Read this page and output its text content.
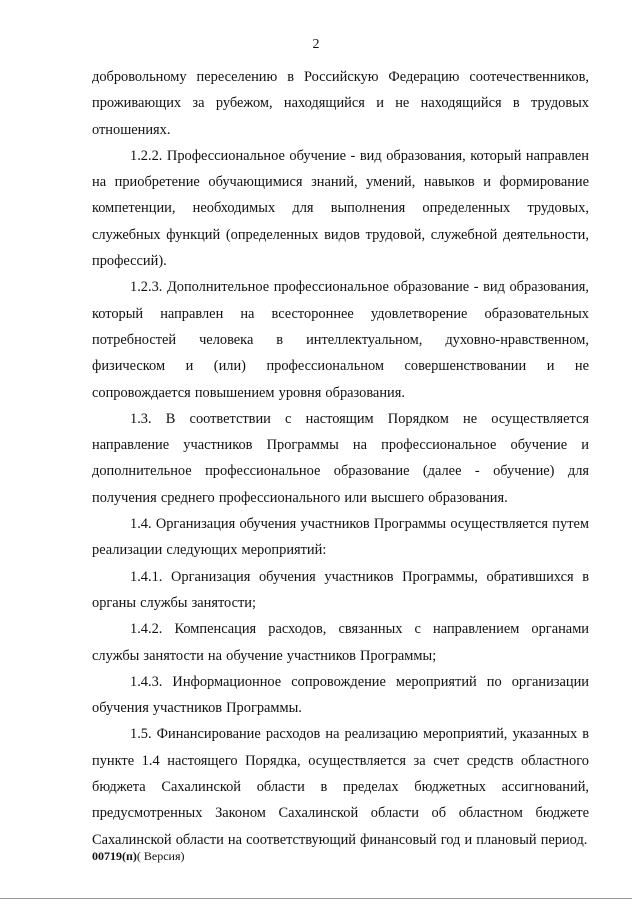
2

добровольному переселению в Российскую Федерацию соотечественников, проживающих за рубежом, находящийся и не находящийся в трудовых отношениях.

1.2.2. Профессиональное обучение - вид образования, который направлен на приобретение обучающимися знаний, умений, навыков и формирование компетенции, необходимых для выполнения определенных трудовых, служебных функций (определенных видов трудовой, служебной деятельности, профессий).

1.2.3. Дополнительное профессиональное образование - вид образования, который направлен на всестороннее удовлетворение образовательных потребностей человека в интеллектуальном, духовно-нравственном, физическом и (или) профессиональном совершенствовании и не сопровождается повышением уровня образования.

1.3. В соответствии с настоящим Порядком не осуществляется направление участников Программы на профессиональное обучение и дополнительное профессиональное образование (далее - обучение) для получения среднего профессионального или высшего образования.

1.4. Организация обучения участников Программы осуществляется путем реализации следующих мероприятий:

1.4.1. Организация обучения участников Программы, обратившихся в органы службы занятости;

1.4.2. Компенсация расходов, связанных с направлением органами службы занятости на обучение участников Программы;

1.4.3. Информационное сопровождение мероприятий по организации обучения участников Программы.

1.5. Финансирование расходов на реализацию мероприятий, указанных в пункте 1.4 настоящего Порядка, осуществляется за счет средств областного бюджета Сахалинской области в пределах бюджетных ассигнований, предусмотренных Законом Сахалинской области об областном бюджете Сахалинской области на соответствующий финансовый год и плановый период.

00719(п)( Версия)
